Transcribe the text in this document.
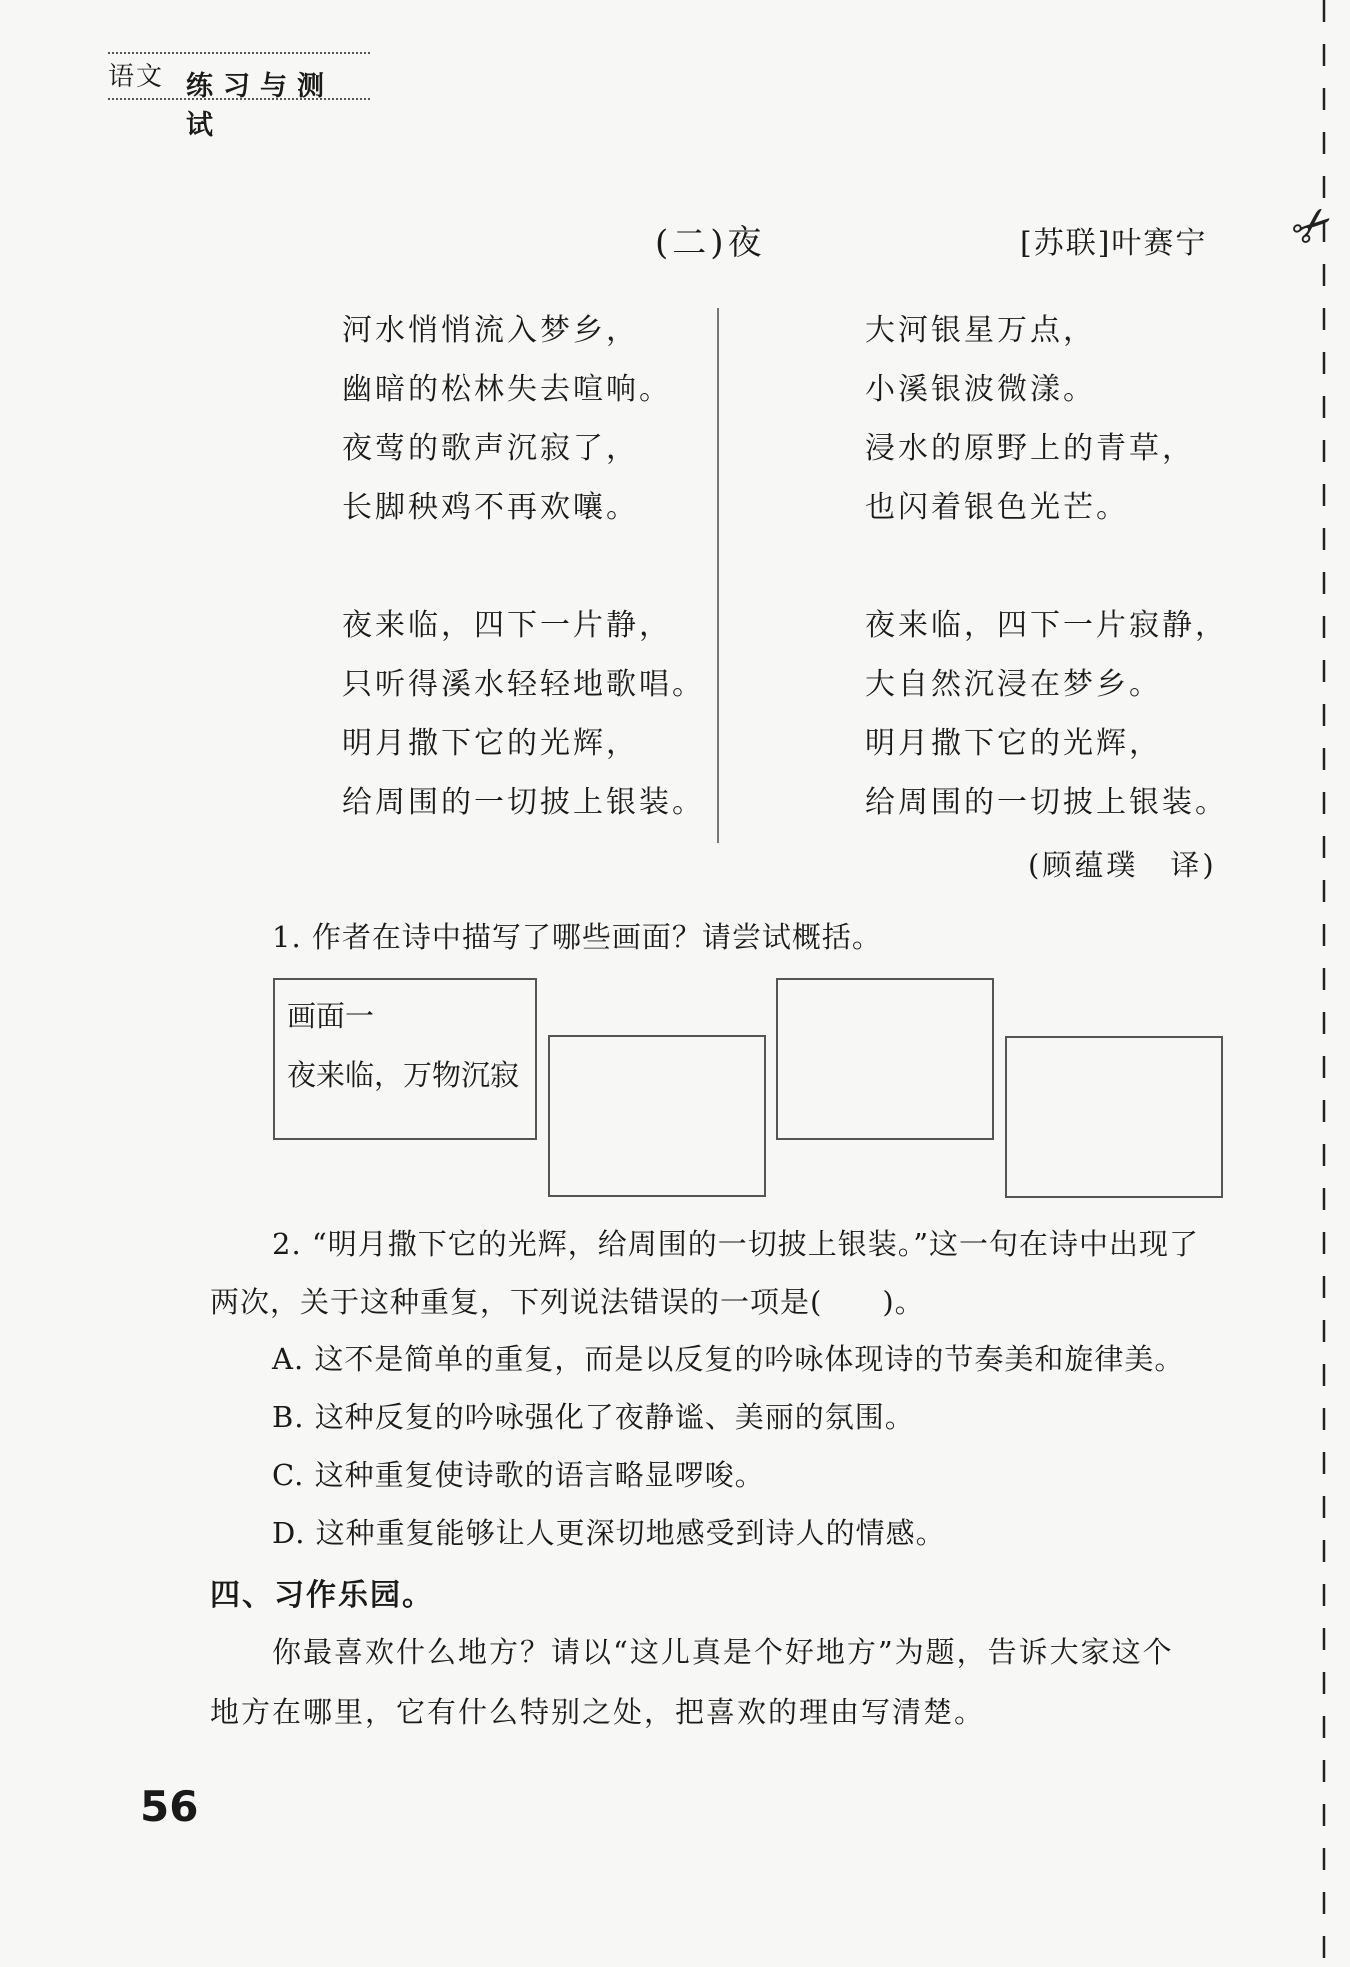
语文 练习与测试
✂
(二)夜	[苏联]叶赛宁
河水悄悄流入梦乡，
幽暗的松林失去喧响。
夜莺的歌声沉寂了，
长脚秧鸡不再欢嚷。
夜来临，四下一片静，
只听得溪水轻轻地歌唱。
明月撒下它的光辉，
给周围的一切披上银装。
大河银星万点，
小溪银波微漾。
浸水的原野上的青草，
也闪着银色光芒。
夜来临，四下一片寂静，
大自然沉浸在梦乡。
明月撒下它的光辉，
给周围的一切披上银装。
(顾蕴璞　译)
1. 作者在诗中描写了哪些画面？请尝试概括。
画面一
夜来临，万物沉寂
2. “明月撒下它的光辉，给周围的一切披上银装。”这一句在诗中出现了
两次，关于这种重复，下列说法错误的一项是(　　)。
A. 这不是简单的重复，而是以反复的吟咏体现诗的节奏美和旋律美。
B. 这种反复的吟咏强化了夜静谧、美丽的氛围。
C. 这种重复使诗歌的语言略显啰唆。
D. 这种重复能够让人更深切地感受到诗人的情感。
四、习作乐园。
你最喜欢什么地方？请以“这儿真是个好地方”为题，告诉大家这个
地方在哪里，它有什么特别之处，把喜欢的理由写清楚。
56
